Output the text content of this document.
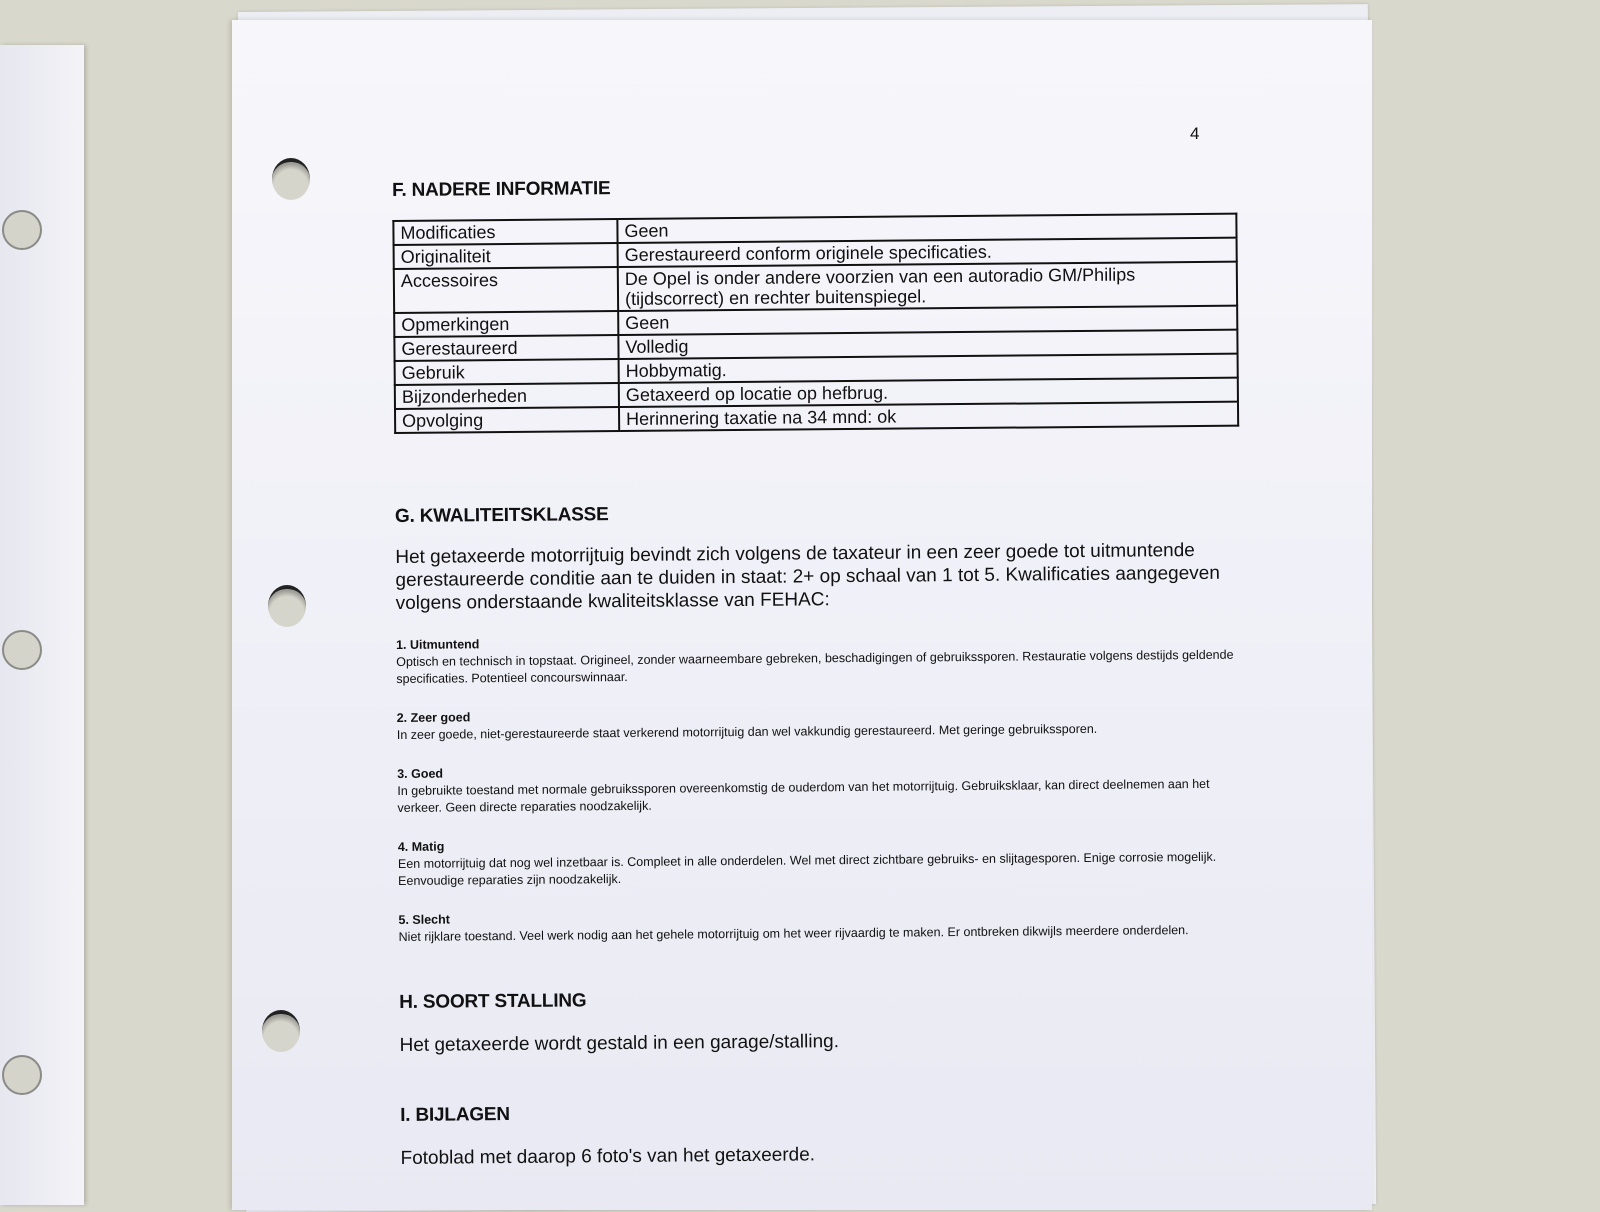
4
F. NADERE INFORMATIE
Modificaties	Geen
Originaliteit	Gerestaureerd conform originele specificaties.
Accessoires	De Opel is onder andere voorzien van een autoradio GM/Philips (tijdscorrect) en rechter buitenspiegel.
Opmerkingen	Geen
Gerestaureerd	Volledig
Gebruik	Hobbymatig.
Bijzonderheden	Getaxeerd op locatie op hefbrug.
Opvolging	Herinnering taxatie na 34 mnd: ok
G. KWALITEITSKLASSE

Het getaxeerde motorrijtuig bevindt zich volgens de taxateur in een zeer goede tot uitmuntende gerestaureerde conditie aan te duiden in staat: 2+ op schaal van 1 tot 5. Kwalificaties aangegeven volgens onderstaande kwaliteitsklasse van FEHAC:

1. Uitmuntend
Optisch en technisch in topstaat. Origineel, zonder waarneembare gebreken, beschadigingen of gebruikssporen. Restauratie volgens destijds geldende specificaties. Potentieel concourswinnaar.
2. Zeer goed
In zeer goede, niet-gerestaureerde staat verkerend motorrijtuig dan wel vakkundig gerestaureerd. Met geringe gebruikssporen.
3. Goed
In gebruikte toestand met normale gebruikssporen overeenkomstig de ouderdom van het motorrijtuig. Gebruiksklaar, kan direct deelnemen aan het verkeer. Geen directe reparaties noodzakelijk.
4. Matig
Een motorrijtuig dat nog wel inzetbaar is. Compleet in alle onderdelen. Wel met direct zichtbare gebruiks- en slijtagesporen. Enige corrosie mogelijk. Eenvoudige reparaties zijn noodzakelijk.
5. Slecht
Niet rijklare toestand. Veel werk nodig aan het gehele motorrijtuig om het weer rijvaardig te maken. Er ontbreken dikwijls meerdere onderdelen.
H. SOORT STALLING

Het getaxeerde wordt gestald in een garage/stalling.

I. BIJLAGEN

Fotoblad met daarop 6 foto's van het getaxeerde.
